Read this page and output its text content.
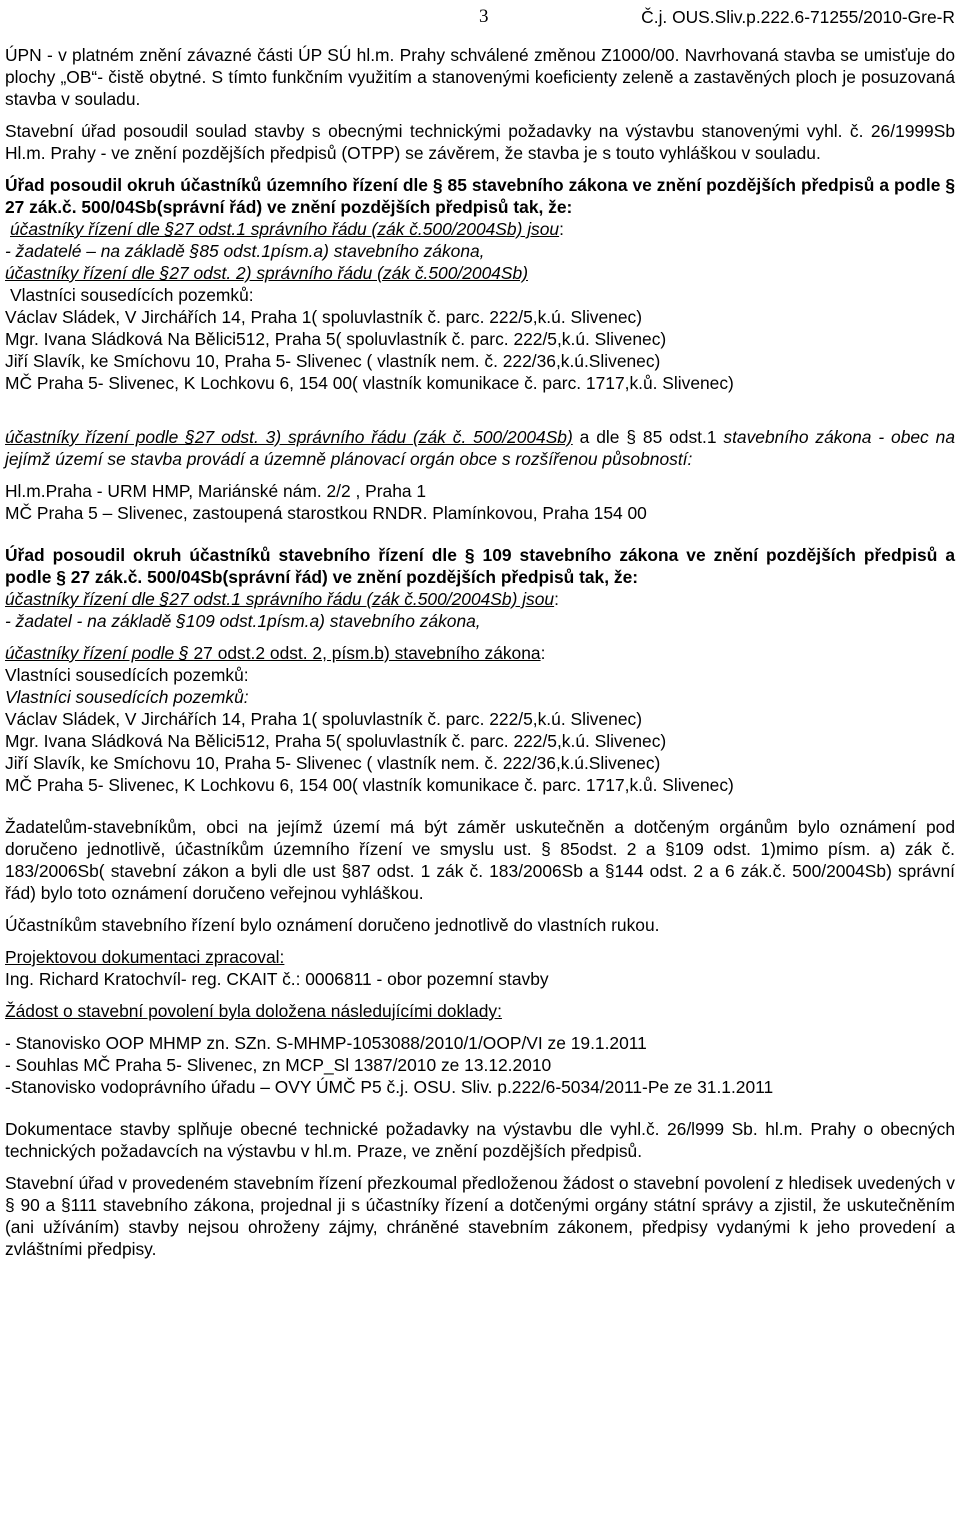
3	Č.j. OUS.Sliv.p.222.6-71255/2010-Gre-R

ÚPN - v platném znění závazné části ÚP SÚ hl.m. Prahy schválené změnou Z1000/00. Navrhovaná stavba se umisťuje do plochy „OB“- čistě obytné. S tímto funkčním využitím a stanovenými koeficienty zeleně a zastavěných ploch je posuzovaná stavba v souladu.

Stavební úřad posoudil soulad stavby s obecnými technickými požadavky na výstavbu stanovenými vyhl. č. 26/1999Sb Hl.m. Prahy - ve znění pozdějších předpisů (OTPP) se závěrem, že stavba je s touto vyhláškou v souladu.

Úřad posoudil okruh účastníků územního řízení dle § 85 stavebního zákona ve znění pozdějších předpisů a podle § 27 zák.č. 500/04Sb(správní řád) ve znění pozdějších předpisů tak, že:

účastníky řízení dle §27 odst.1 správního řádu (zák č.500/2004Sb) jsou:

- žadatelé – na základě §85 odst.1písm.a) stavebního zákona,

účastníky řízení dle §27 odst. 2) správního řádu (zák č.500/2004Sb)

Vlastníci sousedících pozemků:

Václav Sládek, V Jirchářích 14, Praha 1( spoluvlastník č. parc. 222/5,k.ú. Slivenec)

Mgr. Ivana Sládková Na Bělici512, Praha 5( spoluvlastník č. parc. 222/5,k.ú. Slivenec)

Jiří Slavík, ke Smíchovu 10, Praha 5- Slivenec ( vlastník nem. č. 222/36,k.ú.Slivenec)

MČ Praha 5- Slivenec, K Lochkovu 6, 154 00( vlastník komunikace č. parc. 1717,k.ů. Slivenec)

účastníky řízení podle §27 odst. 3) správního řádu (zák č. 500/2004Sb) a dle § 85 odst.1 stavebního zákona - obec na jejímž území se stavba provádí a územně plánovací orgán obce s rozšířenou působností:

Hl.m.Praha - URM HMP, Mariánské nám. 2/2 , Praha 1

MČ Praha 5 – Slivenec, zastoupená starostkou RNDR. Plamínkovou, Praha 154 00

Úřad posoudil okruh účastníků stavebního řízení dle § 109 stavebního zákona ve znění pozdějších předpisů a podle § 27 zák.č. 500/04Sb(správní řád) ve znění pozdějších předpisů tak, že:

účastníky řízení dle §27 odst.1 správního řádu (zák č.500/2004Sb) jsou:

- žadatel - na základě §109 odst.1písm.a) stavebního zákona,

účastníky řízení podle § 27 odst.2 odst. 2, písm.b) stavebního zákona:

Vlastníci sousedících pozemků:

Vlastníci sousedících pozemků:

Václav Sládek, V Jirchářích 14, Praha 1( spoluvlastník č. parc. 222/5,k.ú. Slivenec)

Mgr. Ivana Sládková Na Bělici512, Praha 5( spoluvlastník č. parc. 222/5,k.ú. Slivenec)

Jiří Slavík, ke Smíchovu 10, Praha 5- Slivenec ( vlastník nem. č. 222/36,k.ú.Slivenec)

MČ Praha 5- Slivenec, K Lochkovu 6, 154 00( vlastník komunikace č. parc. 1717,k.ů. Slivenec)

Žadatelům-stavebníkům, obci na jejímž území má být záměr uskutečněn a dotčeným orgánům bylo oznámení pod doručeno jednotlivě, účastníkům územního řízení ve smyslu ust. § 85odst. 2 a §109 odst. 1)mimo písm. a) zák č. 183/2006Sb( stavební zákon a byli dle ust §87 odst. 1 zák č. 183/2006Sb a §144 odst. 2 a 6 zák.č. 500/2004Sb) správní řád) bylo toto oznámení doručeno veřejnou vyhláškou.

Účastníkům stavebního řízení bylo oznámení doručeno jednotlivě do vlastních rukou.

Projektovou dokumentaci zpracoval:

Ing. Richard Kratochvíl- reg. CKAIT č.: 0006811 - obor pozemní stavby

Žádost o stavební povolení byla doložena následujícími doklady:

- Stanovisko OOP MHMP zn. SZn. S-MHMP-1053088/2010/1/OOP/VI ze 19.1.2011

- Souhlas MČ Praha 5- Slivenec, zn MCP_Sl 1387/2010 ze 13.12.2010

-Stanovisko vodoprávního úřadu – OVY ÚMČ P5 č.j. OSU. Sliv. p.222/6-5034/2011-Pe ze 31.1.2011

Dokumentace stavby splňuje obecné technické požadavky na výstavbu dle vyhl.č. 26/l999 Sb. hl.m. Prahy o obecných technických požadavcích na výstavbu v hl.m. Praze, ve znění pozdějších předpisů.

Stavební úřad v provedeném stavebním řízení přezkoumal předloženou žádost o stavební povolení z hledisek uvedených v § 90 a §111 stavebního zákona, projednal ji s účastníky řízení a dotčenými orgány státní správy a zjistil, že uskutečněním (ani užíváním) stavby nejsou ohroženy zájmy, chráněné stavebním zákonem, předpisy vydanými k jeho provedení a zvláštními předpisy.
